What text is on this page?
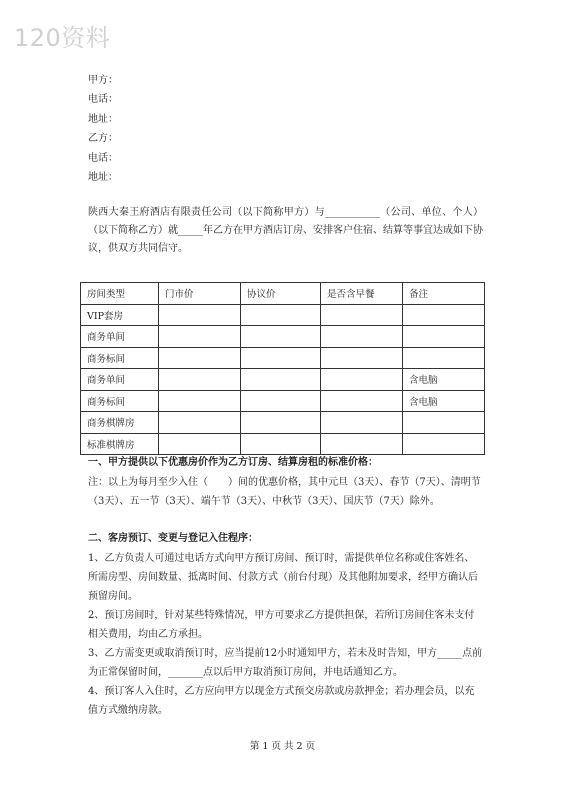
120资料
甲方：
电话：
地址：
乙方：
电话：
地址：
陕西大秦王府酒店有限责任公司（以下简称甲方）与___________（公司、单位、个人）（以下简称乙方）就_____年乙方在甲方酒店订房、安排客户住宿、结算等事宜达成如下协议，供双方共同信守。
房间类型	门市价	协议价	是否含早餐	备注
VIP套房				
商务单间				
商务标间				
商务单间				含电脑
商务标间				含电脑
商务棋牌房				
标准棋牌房				
一、甲方提供以下优惠房价作为乙方订房、结算房租的标准价格：
注：以上为每月至少入住（　　）间的优惠价格，其中元旦（3天）、春节（7天）、清明节（3天）、五一节（3天）、端午节（3天）、中秋节（3天）、国庆节（7天）除外。
二、客房预订、变更与登记入住程序：

1、乙方负责人可通过电话方式向甲方预订房间、预订时，需提供单位名称或住客姓名、所需房型、房间数量、抵离时间、付款方式（前台付现）及其他附加要求，经甲方确认后预留房间。

2、预订房间时，针对某些特殊情况，甲方可要求乙方提供担保，若所订房间住客未支付相关费用，均由乙方承担。

3、乙方需变更或取消预订时，应当提前12小时通知甲方，若未及时告知，甲方_____点前为正常保留时间，_______点以后甲方取消预订房间，并电话通知乙方。

4、预订客人入住时，乙方应向甲方以现金方式预交房款或房款押金；若办理会员，以充值方式缴纳房款。

第 1 页 共 2 页
